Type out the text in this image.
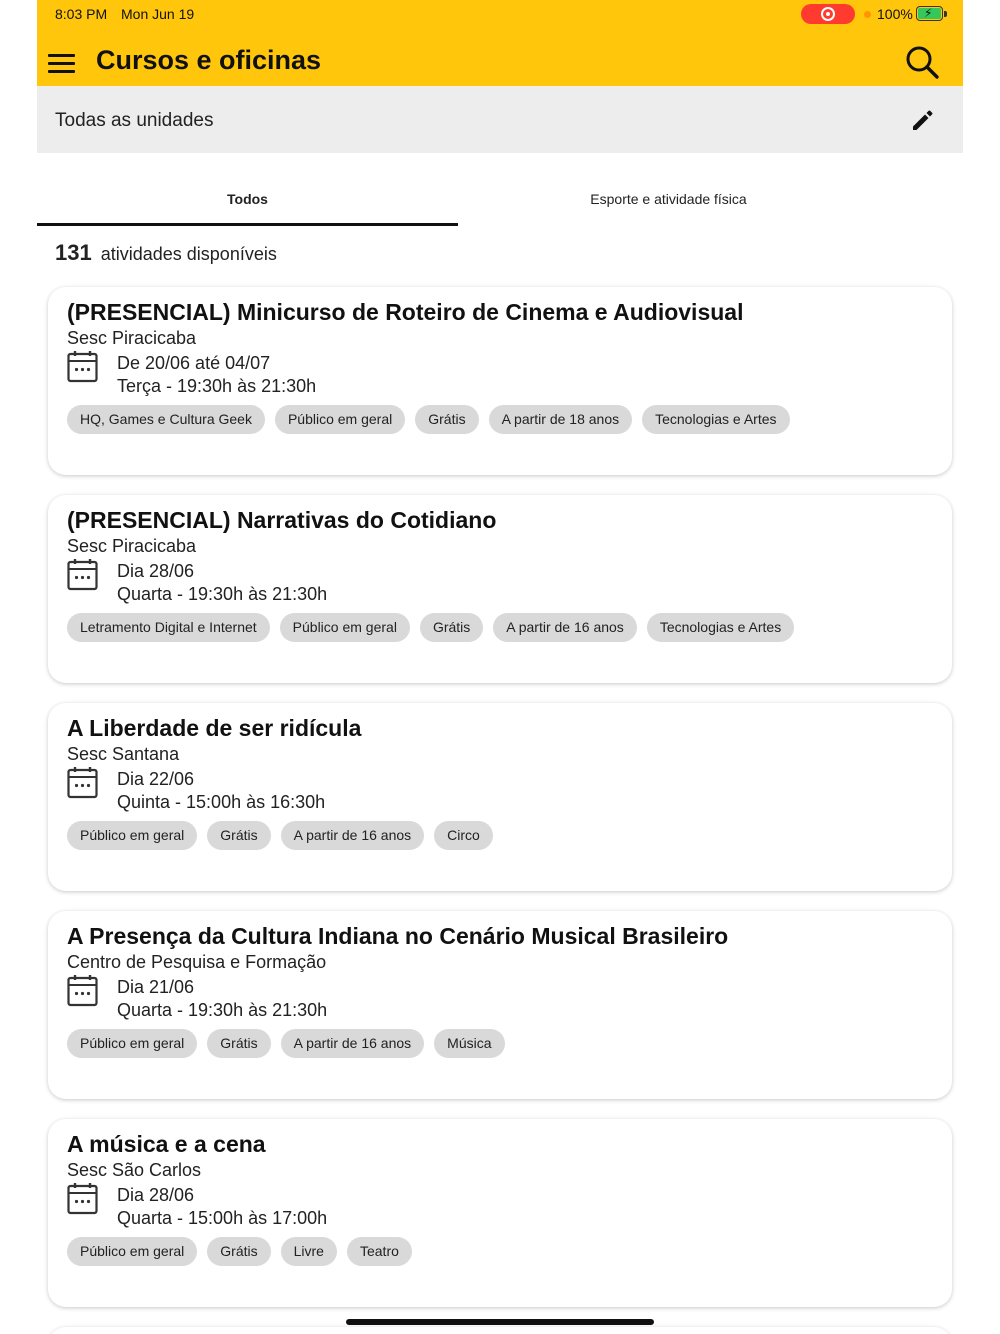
8:03 PM Mon Jun 19	100% ⚡
Cursos e oficinas
Todas as unidades
Todos	Esporte e atividade física
131 atividades disponíveis
(PRESENCIAL) Minicurso de Roteiro de Cinema e Audiovisual
Sesc Piracicaba
De 20/06 até 04/07
Terça - 19:30h às 21:30h
HQ, Games e Cultura Geek	Público em geral	Grátis	A partir de 18 anos	Tecnologias e Artes
(PRESENCIAL) Narrativas do Cotidiano
Sesc Piracicaba
Dia 28/06
Quarta - 19:30h às 21:30h
Letramento Digital e Internet	Público em geral	Grátis	A partir de 16 anos	Tecnologias e Artes
A Liberdade de ser ridícula
Sesc Santana
Dia 22/06
Quinta - 15:00h às 16:30h
Público em geral	Grátis	A partir de 16 anos	Circo
A Presença da Cultura Indiana no Cenário Musical Brasileiro
Centro de Pesquisa e Formação
Dia 21/06
Quarta - 19:30h às 21:30h
Público em geral	Grátis	A partir de 16 anos	Música
A música e a cena
Sesc São Carlos
Dia 28/06
Quarta - 15:00h às 17:00h
Público em geral	Grátis	Livre	Teatro
